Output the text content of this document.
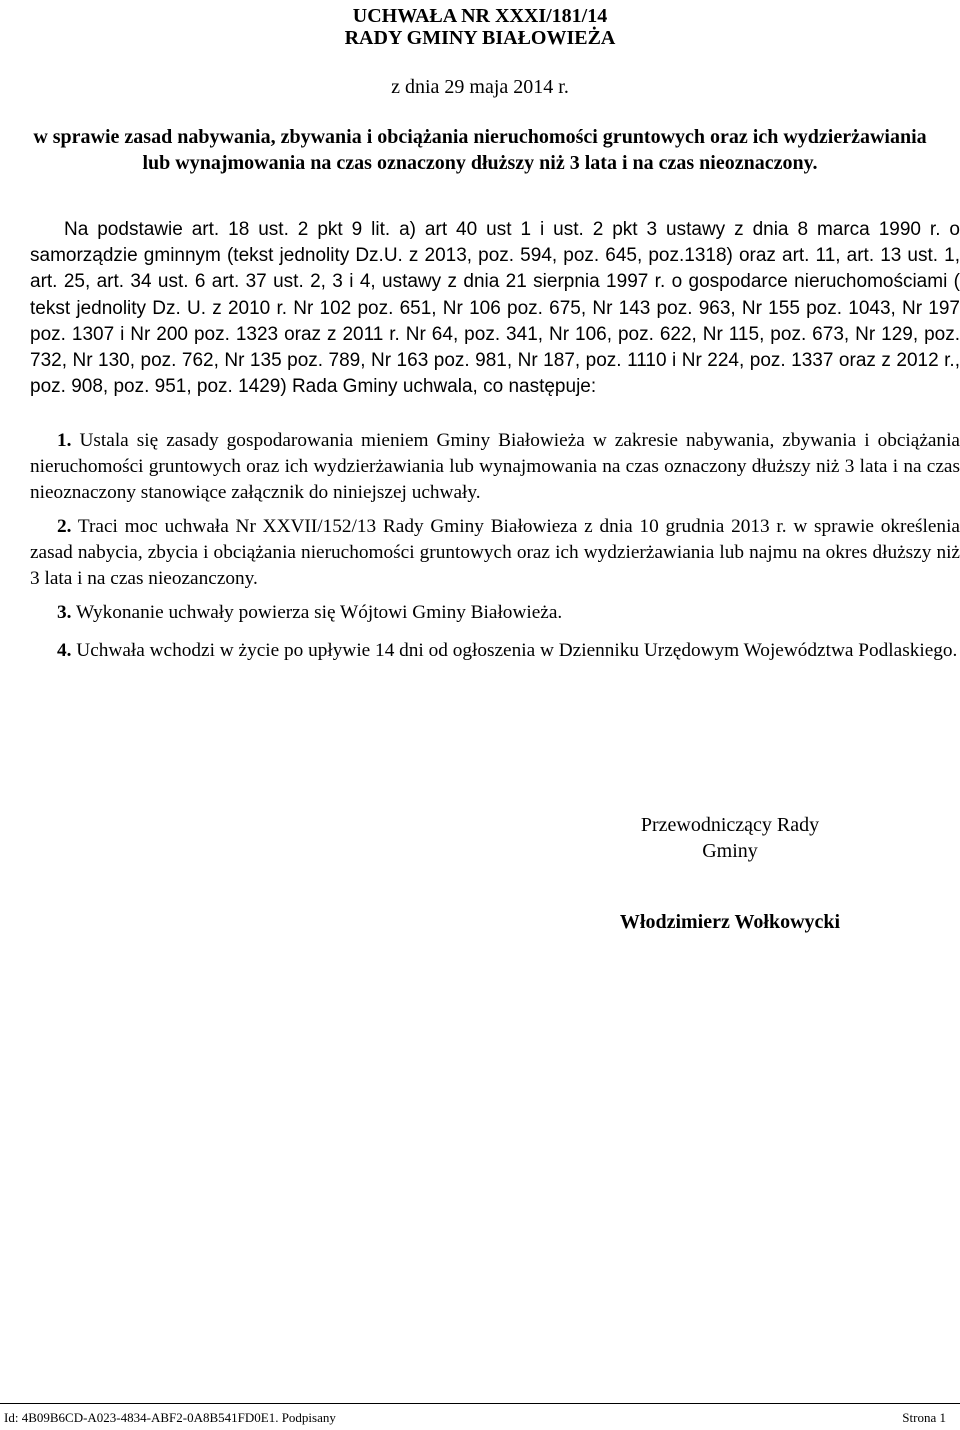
UCHWAŁA NR XXXI/181/14
RADY GMINY BIAŁOWIEŻA
z dnia 29 maja 2014 r.
w sprawie zasad nabywania, zbywania i obciążania nieruchomości gruntowych oraz ich wydzierżawiania lub wynajmowania na czas oznaczony dłuższy niż 3 lata i na czas nieoznaczony.
Na podstawie art. 18 ust. 2 pkt 9 lit. a) art 40 ust 1 i ust. 2 pkt 3 ustawy z dnia 8 marca 1990 r. o samorządzie gminnym (tekst jednolity Dz.U. z 2013, poz. 594, poz. 645, poz.1318) oraz art. 11, art. 13 ust. 1, art. 25, art. 34 ust. 6 art. 37 ust. 2, 3 i 4, ustawy z dnia 21 sierpnia 1997 r. o gospodarce nieruchomościami ( tekst jednolity Dz. U. z 2010 r. Nr 102 poz. 651, Nr 106 poz. 675, Nr 143 poz. 963, Nr 155 poz. 1043, Nr 197 poz. 1307 i Nr 200 poz. 1323 oraz z 2011 r. Nr 64, poz. 341, Nr 106, poz. 622, Nr 115, poz. 673, Nr 129, poz. 732, Nr 130, poz. 762, Nr 135 poz. 789, Nr 163 poz. 981, Nr 187, poz. 1110 i Nr 224, poz. 1337 oraz z 2012 r., poz. 908, poz. 951, poz. 1429) Rada Gminy uchwala, co następuje:
1. Ustala się zasady gospodarowania mieniem Gminy Białowieża w zakresie nabywania, zbywania i obciążania nieruchomości gruntowych oraz ich wydzierżawiania lub wynajmowania na czas oznaczony dłuższy niż 3 lata i na czas nieoznaczony stanowiące załącznik do niniejszej uchwały.
2. Traci moc uchwała Nr XXVII/152/13 Rady Gminy Białowieza z dnia 10 grudnia 2013 r. w sprawie określenia zasad nabycia, zbycia i obciążania nieruchomości gruntowych oraz ich wydzierżawiania lub najmu na okres dłuższy niż 3 lata i na czas nieozanczony.
3. Wykonanie uchwały powierza się Wójtowi Gminy Białowieża.
4. Uchwała wchodzi w życie po upływie 14 dni od ogłoszenia w Dzienniku Urzędowym Województwa Podlaskiego.
Przewodniczący Rady
Gminy
Włodzimierz Wołkowycki
Id: 4B09B6CD-A023-4834-ABF2-0A8B541FD0E1. Podpisany	Strona 1
